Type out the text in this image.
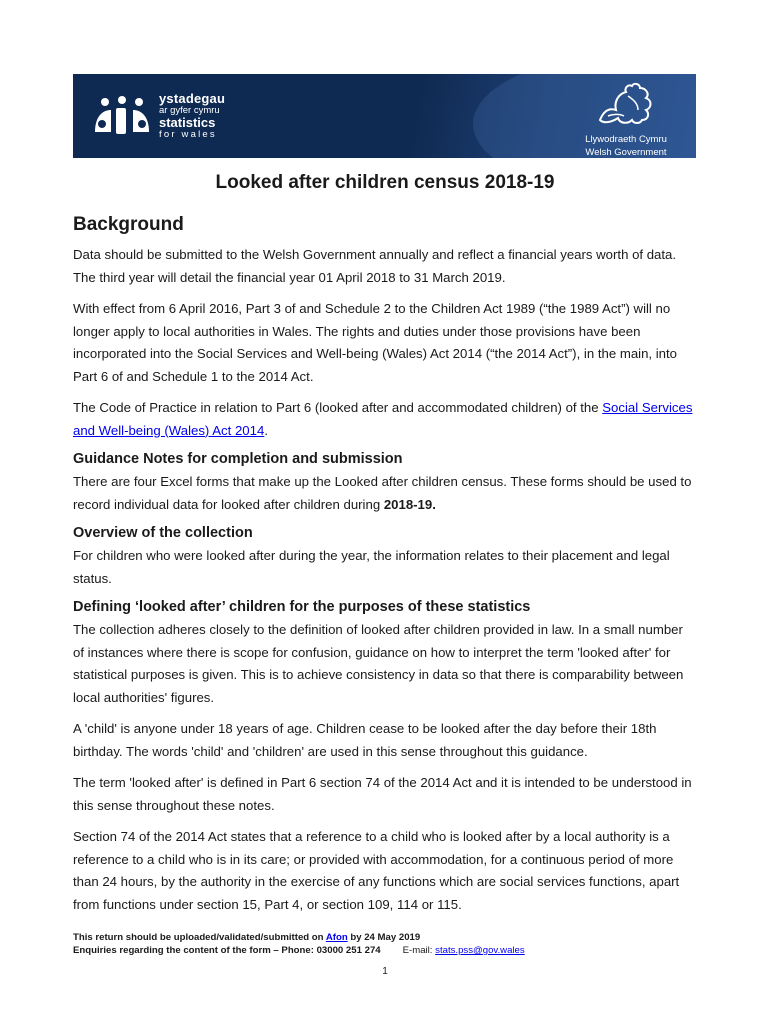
ystadegau
ar gyfer cymru
statistics
for wales	Llywodraeth Cymru
Welsh Government
Looked after children census 2018-19
Background

Data should be submitted to the Welsh Government annually and reflect a financial years worth of data. The third year will detail the financial year 01 April 2018 to 31 March 2019.

With effect from 6 April 2016, Part 3 of and Schedule 2 to the Children Act 1989 (“the 1989 Act”) will no longer apply to local authorities in Wales. The rights and duties under those provisions have been incorporated into the Social Services and Well-being (Wales) Act 2014 (“the 2014 Act”), in the main, into Part 6 of and Schedule 1 to the 2014 Act.

The Code of Practice in relation to Part 6 (looked after and accommodated children) of the Social Services and Well-being (Wales) Act 2014.

Guidance Notes for completion and submission

There are four Excel forms that make up the Looked after children census. These forms should be used to record individual data for looked after children during 2018-19.

Overview of the collection

For children who were looked after during the year, the information relates to their placement and legal status.

Defining ‘looked after’ children for the purposes of these statistics

The collection adheres closely to the definition of looked after children provided in law. In a small number of instances where there is scope for confusion, guidance on how to interpret the term 'looked after' for statistical purposes is given. This is to achieve consistency in data so that there is comparability between local authorities' figures.

A 'child' is anyone under 18 years of age. Children cease to be looked after the day before their 18th birthday. The words 'child' and 'children' are used in this sense throughout this guidance.

The term 'looked after' is defined in Part 6 section 74 of the 2014 Act and it is intended to be understood in this sense throughout these notes.

Section 74 of the 2014 Act states that a reference to a child who is looked after by a local authority is a reference to a child who is in its care; or provided with accommodation, for a continuous period of more than 24 hours, by the authority in the exercise of any functions which are social services functions, apart from functions under section 15, Part 4, or section 109, 114 or 115.

This return should be uploaded/validated/submitted on Afon by 24 May 2019
Enquiries regarding the content of the form – Phone: 03000 251 274 E-mail: stats.pss@gov.wales
1
